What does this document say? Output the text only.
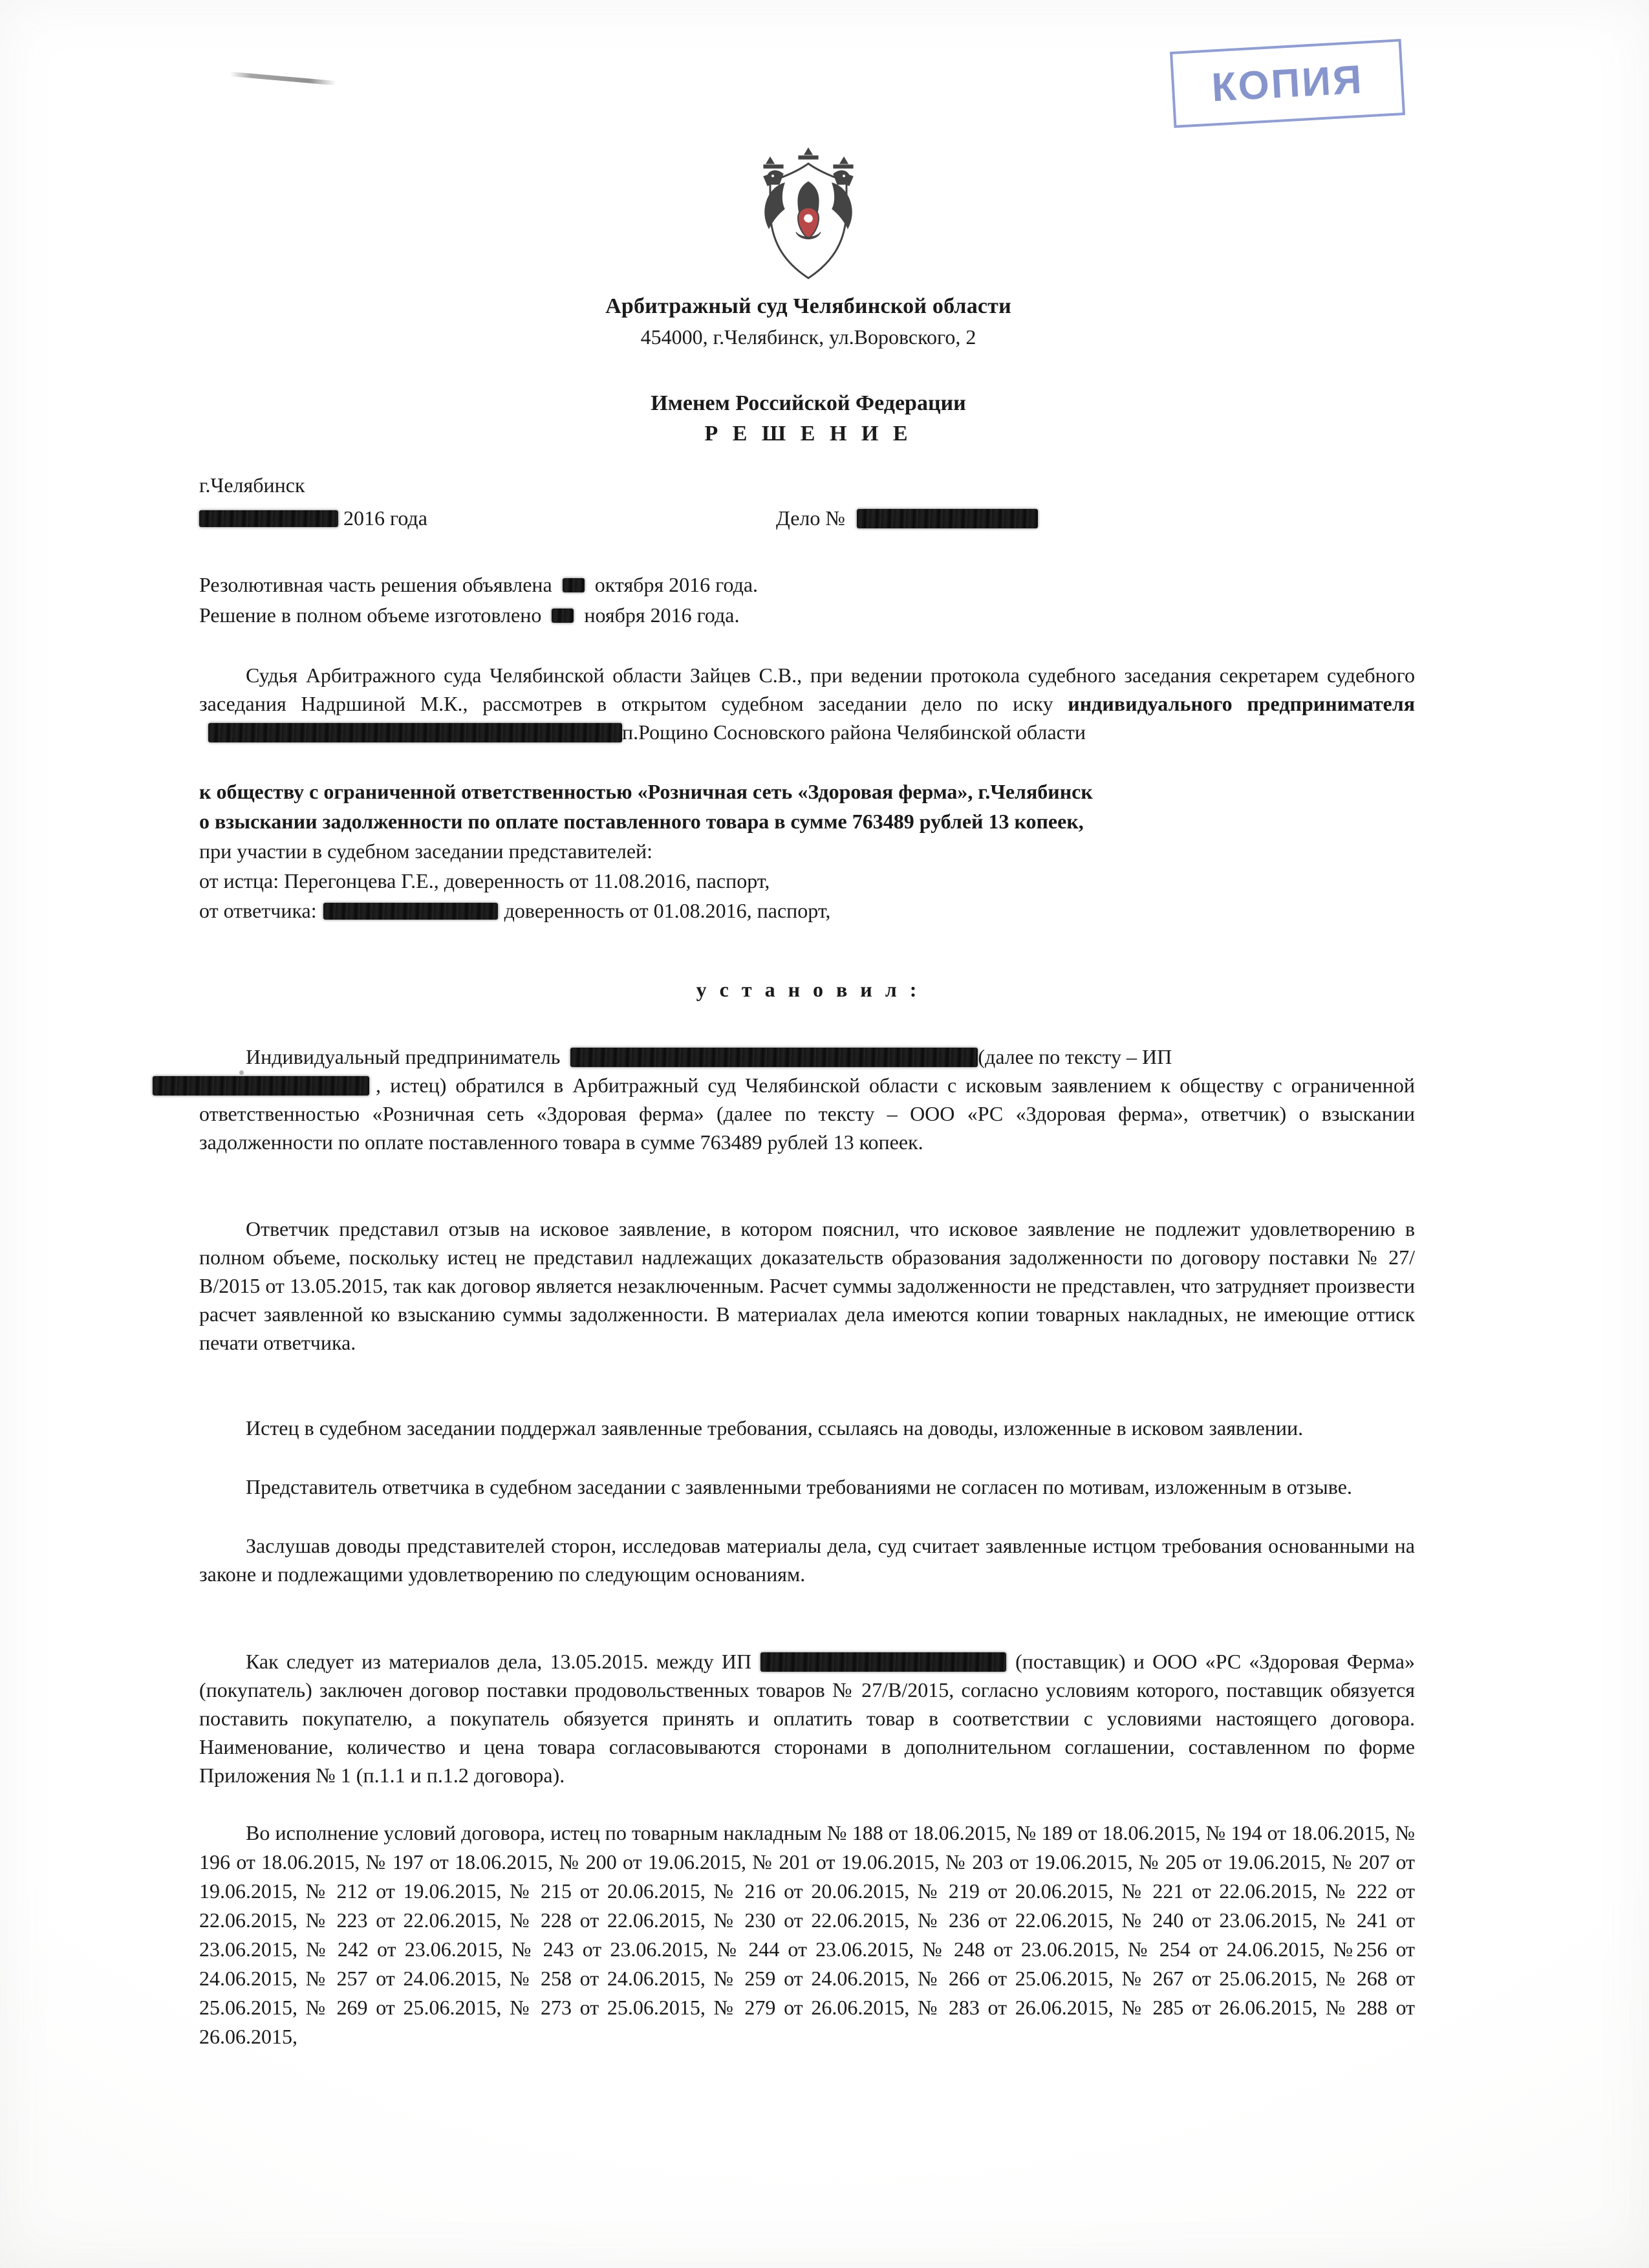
КОПИЯ
Арбитражный суд Челябинской области
454000, г.Челябинск, ул.Воровского, 2
Именем Российской Федерации
Р Е Ш Е Н И Е
г.Челябинск
2016 года	Дело №
Резолютивная часть решения объявлена октября 2016 года.
Решение в полном объеме изготовлено ноября 2016 года.
Судья Арбитражного суда Челябинской области Зайцев С.В., при ведении протокола судебного заседания секретарем судебного заседания Надршиной М.К., рассмотрев в открытом судебном заседании дело по иску индивидуального предпринимателяп.Рощино Сосновского района Челябинской области
к обществу с ограниченной ответственностью «Розничная сеть «Здоровая ферма», г.Челябинск
о взыскании задолженности по оплате поставленного товара в сумме 763489 рублей 13 копеек,
при участии в судебном заседании представителей:
от истца: Перегонцева Г.Е., доверенность от 11.08.2016, паспорт,
от ответчика:	доверенность от 01.08.2016, паспорт,
у с т а н о в и л :
Индивидуальный предприниматель	(далее по тексту – ИП
, истец) обратился в Арбитражный суд Челябинской области с исковым заявлением к обществу с ограниченной ответственностью «Розничная сеть «Здоровая ферма» (далее по тексту – ООО «РС «Здоровая ферма», ответчик) о взыскании задолженности по оплате поставленного товара в сумме 763489 рублей 13 копеек.
Ответчик представил отзыв на исковое заявление, в котором пояснил, что исковое заявление не подлежит удовлетворению в полном объеме, поскольку истец не представил надлежащих доказательств образования задолженности по договору поставки № 27/В/2015 от 13.05.2015, так как договор является незаключенным. Расчет суммы задолженности не представлен, что затрудняет произвести расчет заявленной ко взысканию суммы задолженности. В материалах дела имеются копии товарных накладных, не имеющие оттиск печати ответчика.
Истец в судебном заседании поддержал заявленные требования, ссылаясь на доводы, изложенные в исковом заявлении.
Представитель ответчика в судебном заседании с заявленными требованиями не согласен по мотивам, изложенным в отзыве.
Заслушав доводы представителей сторон, исследовав материалы дела, суд считает заявленные истцом требования основанными на законе и подлежащими удовлетворению по следующим основаниям.
Как следует из материалов дела, 13.05.2015. между ИП	(поставщик) и ООО «РС «Здоровая Ферма» (покупатель) заключен договор поставки продовольственных товаров № 27/В/2015, согласно условиям которого, поставщик обязуется поставить покупателю, а покупатель обязуется принять и оплатить товар в соответствии с условиями настоящего договора. Наименование, количество и цена товара согласовываются сторонами в дополнительном соглашении, составленном по форме Приложения № 1 (п.1.1 и п.1.2 договора).
Во исполнение условий договора, истец по товарным накладным № 188 от 18.06.2015, № 189 от 18.06.2015, № 194 от 18.06.2015, № 196 от 18.06.2015, № 197 от 18.06.2015, № 200 от 19.06.2015, № 201 от 19.06.2015, № 203 от 19.06.2015, № 205 от 19.06.2015, № 207 от 19.06.2015, № 212 от 19.06.2015, № 215 от 20.06.2015, № 216 от 20.06.2015, № 219 от 20.06.2015, № 221 от 22.06.2015, № 222 от 22.06.2015, № 223 от 22.06.2015, № 228 от 22.06.2015, № 230 от 22.06.2015, № 236 от 22.06.2015, № 240 от 23.06.2015, № 241 от 23.06.2015, № 242 от 23.06.2015, № 243 от 23.06.2015, № 244 от 23.06.2015, № 248 от 23.06.2015, № 254 от 24.06.2015, №256 от 24.06.2015, № 257 от 24.06.2015, № 258 от 24.06.2015, № 259 от 24.06.2015, № 266 от 25.06.2015, № 267 от 25.06.2015, № 268 от 25.06.2015, № 269 от 25.06.2015, № 273 от 25.06.2015, № 279 от 26.06.2015, № 283 от 26.06.2015, № 285 от 26.06.2015, № 288 от 26.06.2015,
